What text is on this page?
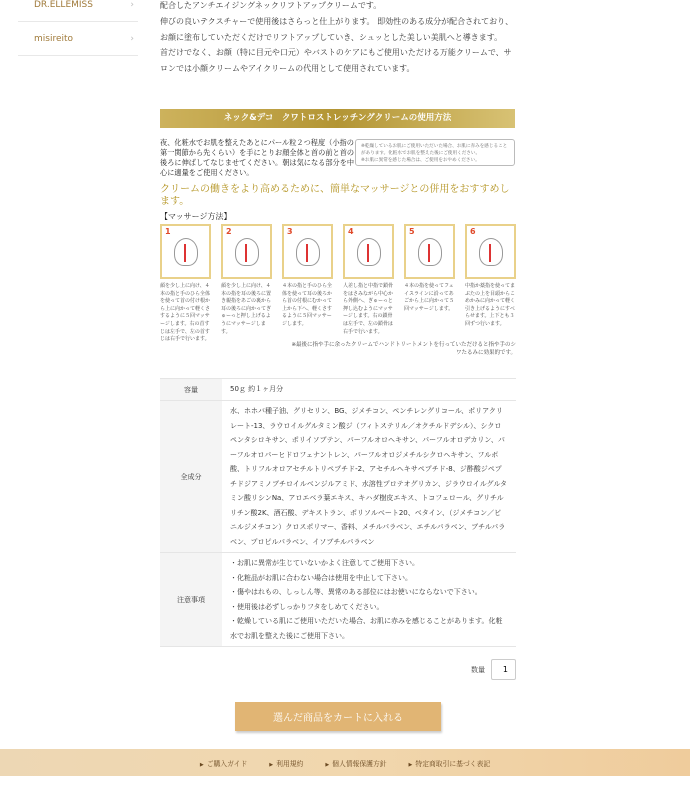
DR.ELLEMISS	›
misireito	›
配合したアンチエイジングネックリフトアップクリームです。

伸びの良いテクスチャーで使用後はさらっと仕上がります。 即効性のある成分が配合されており、お顔に塗布していただくだけでリフトアップしていき、シュッとした美しい美肌へと導きます。

首だけでなく、お顔（特に目元や口元）やバストのケアにもご使用いただける万能クリームで、サロンでは小顔クリームやアイクリームの代用として使用されています。

ネック&デコ　クワトロストレッチングクリームの使用方法
夜、化粧水でお肌を整えたあとにパール粒２つ程度（小指の第一関節から先くらい）を手にとりお顔全体と首の前と首の後ろに伸ばしてなじませてください。朝は気になる部分を中心に適量をご使用ください。
※乾燥しているお肌にご使用いただいた場合、お肌に赤みを感じることがあります。化粧水でお肌を整えた後にご使用ください。
※お肌に異常を感じた場合は、ご使用をおやめください。
クリームの働きをより高めるために、簡単なマッサージとの併用をおすすめします。
【マッサージ方法】
1
顔を少し上に向け、４本の指と手のひら全体を使って首の付け根から上に向かって軽くさするように５回マッサージします。右の首すじは左手で、左の首すじは右手で行います。
2
顔を少し上に向け、４本の指を耳の後ろに置き親指をあごの裏から耳の後ろに向かってぎゅーっと押し上げるようにマッサージします。
3
４本の指と手のひら全体を使って耳の後ろから首の付根にむかって上から下へ、軽くさするように５回マッサージします。
4
人差し指と中指で鎖骨をはさみながら中心から外側へ、ぎゅーっと押し込むようにマッサージします。右の鎖骨は左手で、左の鎖骨は右手で行います。
5
４本の指を使ってフェイスラインに沿ってあごから上に向かって５回マッサージします。
6
中指か薬指を使ってまぶたの上を目頭からこめかみに向かって軽く引き上げるようにすべらせます。上下とも３回ずつ行います。
※最後に指や手に余ったクリームでハンドトリートメントを行っていただけると指や手のシワたるみに効果的です。
容量	50ｇ 約１ヶ月分
全成分	水、ホホバ種子油、グリセリン、BG、ジメチコン、ペンチレングリコール、ポリアクリレート-13、ラウロイルグルタミン酸ジ（フィトステリル／オクチルドデシル）、シクロペンタシロキサン、ポリイソブテン、パーフルオロヘキサン、パーフルオロデカリン、パーフルオロパーヒドロフェナントレン、パーフルオロジメチルシクロヘキサン、フルボ酸、トリフルオロアセチルトリペプチド-2、アセチルヘキサペプチド-8、ジ酢酸ジペプチドジアミノブチロイルベンジルアミド、水溶性プロテオグリカン、ジラウロイルグルタミン酸リシンNa、アロエベラ葉エキス、キハダ樹皮エキス、トコフェロール、グリチルリチン酸2K、酒石酸、デキストラン、ポリソルベート20、ベタイン、（ジメチコン／ビニルジメチコン）クロスポリマー、香料、メチルパラベン、エチルパラベン、ブチルパラベン、プロピルパラベン、イソブチルパラベン
注意事項	・お肌に異常が生じていないかよく注意してご使用下さい。
・化粧品がお肌に合わない場合は使用を中止して下さい。
・傷やはれもの、しっしん等、異常のある部位にはお使いにならないで下さい。
・使用後は必ずしっかりフタをしめてください。
・乾燥している肌にご使用いただいた場合、お肌に赤みを感じることがあります。化粧水でお肌を整えた後にご使用下さい。
数量
1
選んだ商品をカートに入れる
▶ ご購入ガイド	▶ 利用規約	▶ 個人情報保護方針	▶ 特定商取引に基づく表記
